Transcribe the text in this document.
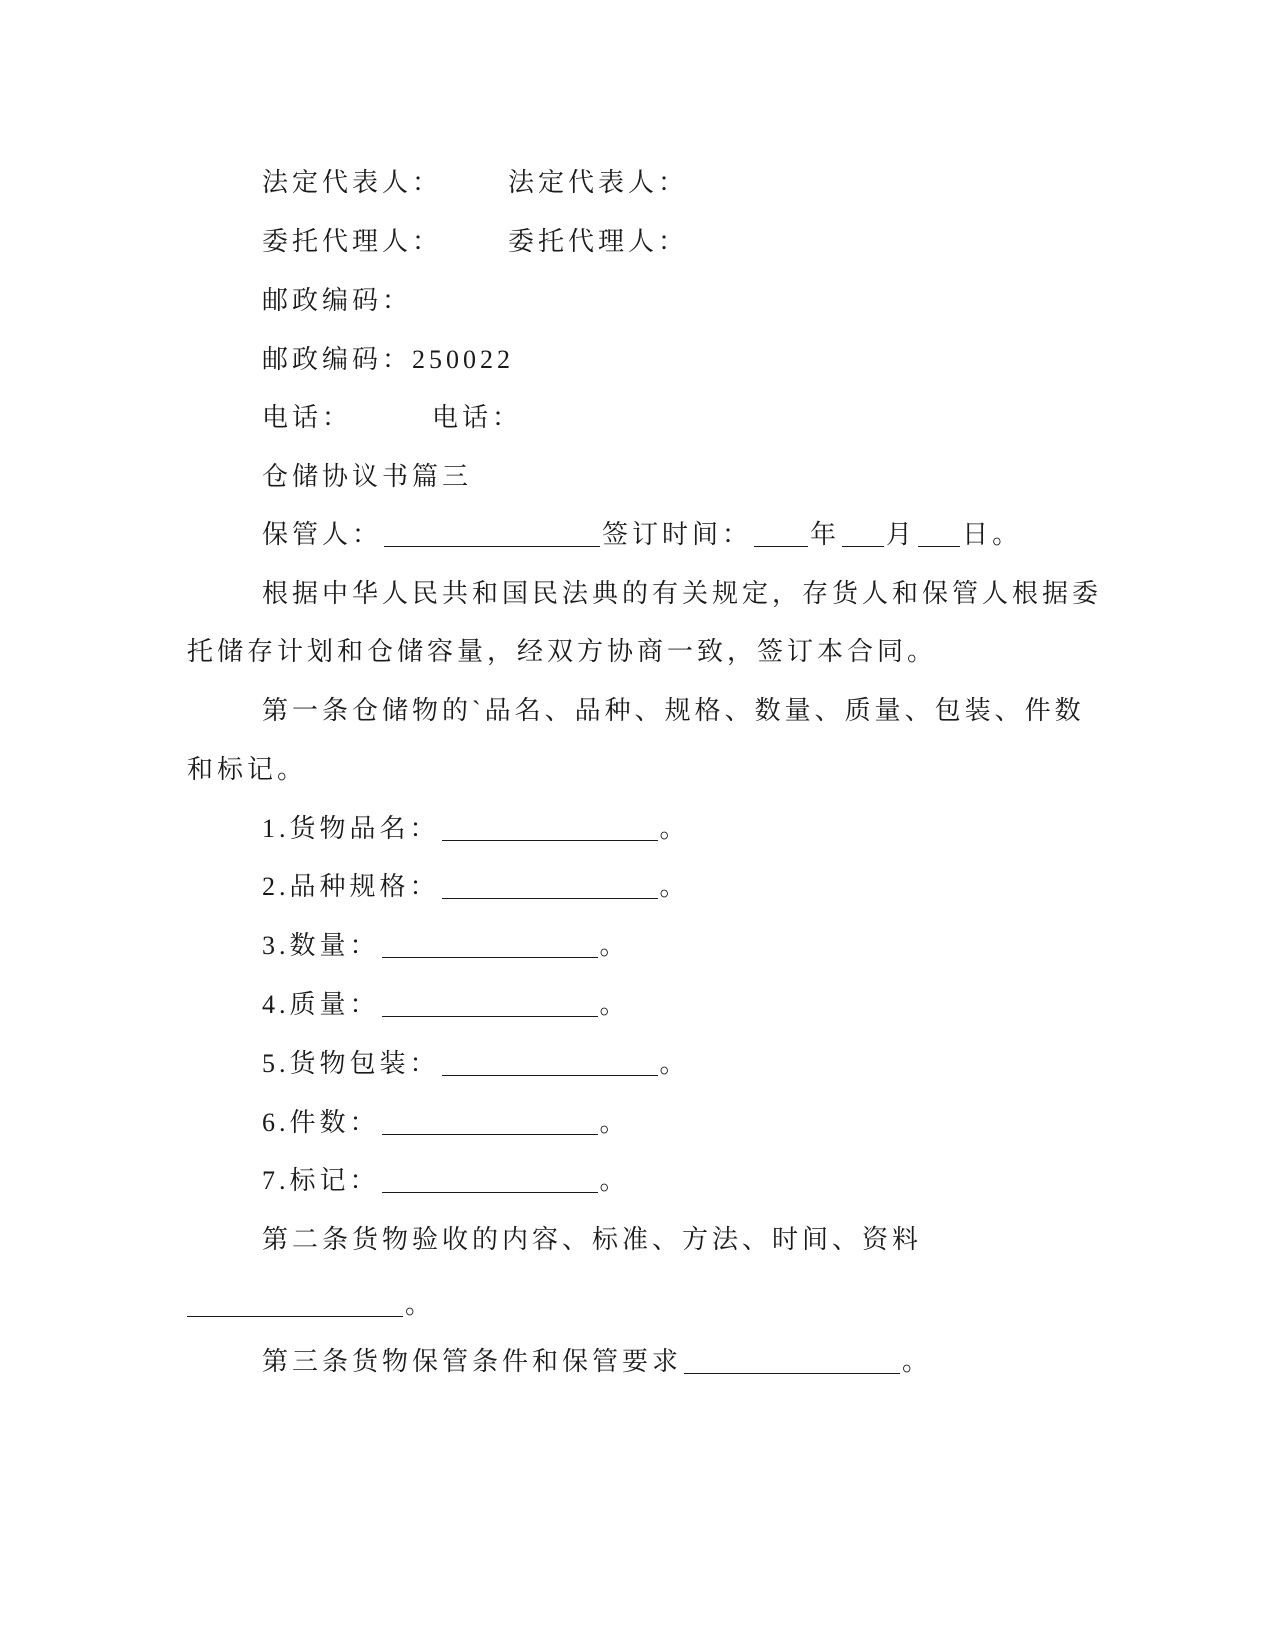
法定代表人：	法定代表人：
委托代理人：	委托代理人：
邮政编码：
邮政编码：250022
电话：	电话：
仓储协议书篇三
保管人：	签订时间： 年 月 日。
根据中华人民共和国民法典的有关规定，存货人和保管人根据委
托储存计划和仓储容量，经双方协商一致，签订本合同。
第一条仓储物的`品名、品种、规格、数量、质量、包装、件数
和标记。
1.货物品名：	。
2.品种规格：	。
3.数量：	。
4.质量：	。
5.货物包装：	。
6.件数：	。
7.标记：	。
第二条货物验收的内容、标准、方法、时间、资料
。
第三条货物保管条件和保管要求	。
